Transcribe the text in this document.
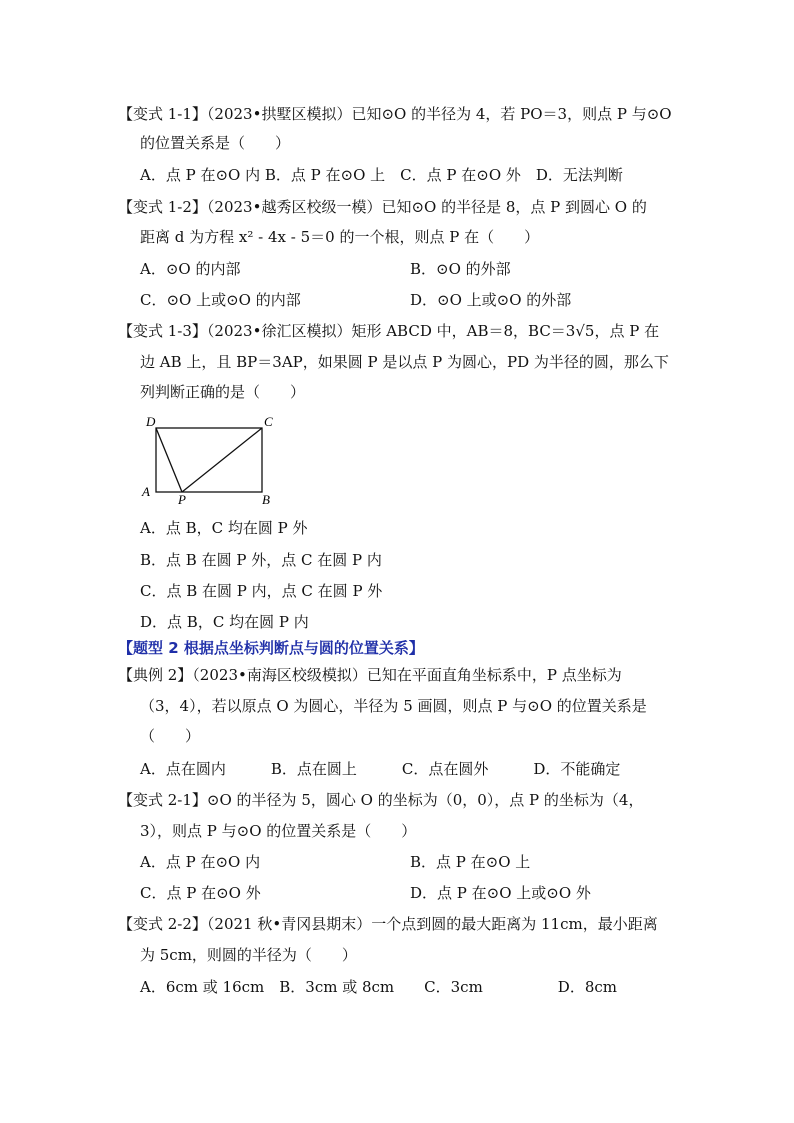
【变式 1-1】（2023•拱墅区模拟）已知⊙O 的半径为 4，若 PO＝3，则点 P 与⊙O
的位置关系是（　　）
A．点 P 在⊙O 内 B．点 P 在⊙O 上　C．点 P 在⊙O 外　D．无法判断
【变式 1-2】（2023•越秀区校级一模）已知⊙O 的半径是 8，点 P 到圆心 O 的
距离 d 为方程 x² - 4x - 5＝0 的一个根，则点 P 在（　　）
A．⊙O 的内部	B．⊙O 的外部
C．⊙O 上或⊙O 的内部	D．⊙O 上或⊙O 的外部
【变式 1-3】（2023•徐汇区模拟）矩形 ABCD 中，AB＝8，BC＝3√5，点 P 在
边 AB 上，且 BP＝3AP，如果圆 P 是以点 P 为圆心，PD 为半径的圆，那么下
列判断正确的是（　　）
D	C
A
P	B
A．点 B，C 均在圆 P 外
B．点 B 在圆 P 外，点 C 在圆 P 内
C．点 B 在圆 P 内，点 C 在圆 P 外
D．点 B，C 均在圆 P 内
【题型 2 根据点坐标判断点与圆的位置关系】
【典例 2】（2023•南海区校级模拟）已知在平面直角坐标系中，P 点坐标为
（3，4），若以原点 O 为圆心，半径为 5 画圆，则点 P 与⊙O 的位置关系是
（　　）
A．点在圆内　　　B．点在圆上　　　C．点在圆外　　　D．不能确定
【变式 2-1】⊙O 的半径为 5，圆心 O 的坐标为（0，0），点 P 的坐标为（4，
3），则点 P 与⊙O 的位置关系是（　　）
A．点 P 在⊙O 内	B．点 P 在⊙O 上
C．点 P 在⊙O 外	D．点 P 在⊙O 上或⊙O 外
【变式 2-2】（2021 秋•青冈县期末）一个点到圆的最大距离为 11cm，最小距离
为 5cm，则圆的半径为（　　）
A．6cm 或 16cm　B．3cm 或 8cm　　C．3cm　　　　　D．8cm
